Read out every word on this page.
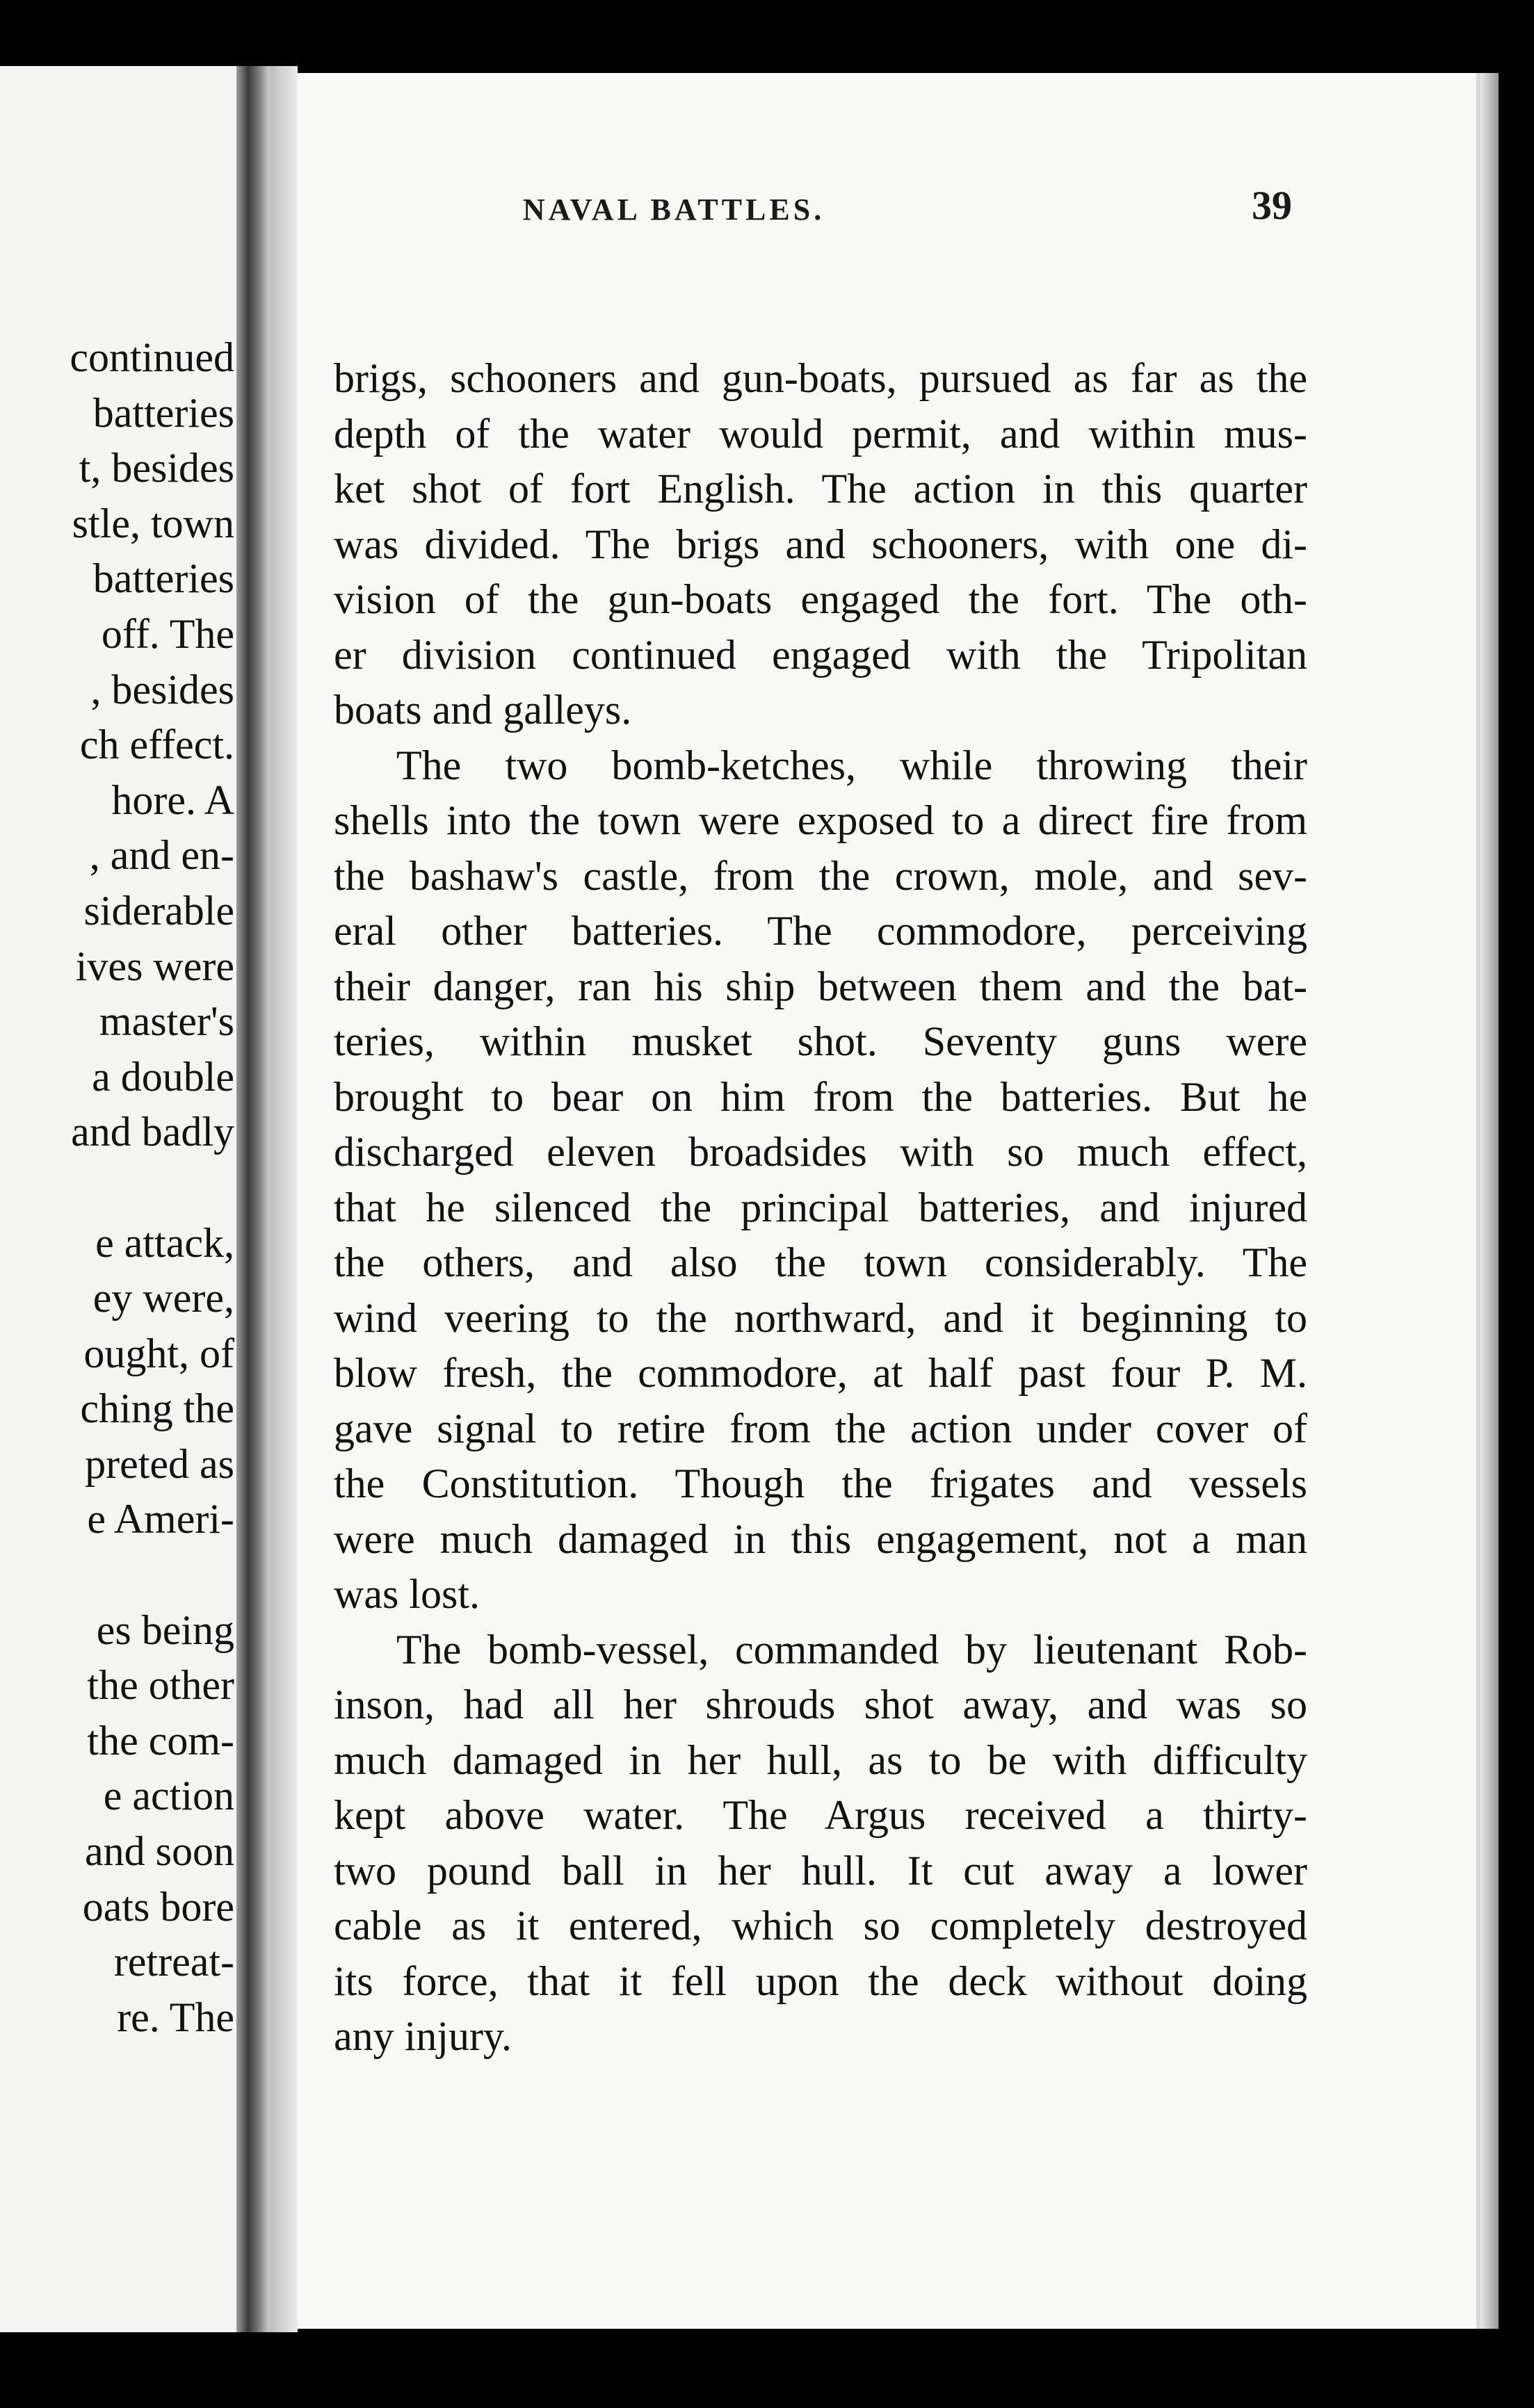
continued
batteries
t, besides
stle, town
batteries
off. The
, besides
ch effect.
hore. A
, and en-
siderable
ives were
master's
a double
and badly
e attack,
ey were,
ought, of
ching the
preted as
e Ameri-
es being
the other
the com-
e action
and soon
oats bore
retreat-
re. The
NAVAL BATTLES.	39
brigs, schooners and gun-boats, pursued as far as the
depth of the water would permit, and within mus-
ket shot of fort English. The action in this quarter
was divided. The brigs and schooners, with one di-
vision of the gun-boats engaged the fort. The oth-
er division continued engaged with the Tripolitan
boats and galleys.
The two bomb-ketches, while throwing their
shells into the town were exposed to a direct fire from
the bashaw's castle, from the crown, mole, and sev-
eral other batteries. The commodore, perceiving
their danger, ran his ship between them and the bat-
teries, within musket shot. Seventy guns were
brought to bear on him from the batteries. But he
discharged eleven broadsides with so much effect,
that he silenced the principal batteries, and injured
the others, and also the town considerably. The
wind veering to the northward, and it beginning to
blow fresh, the commodore, at half past four P. M.
gave signal to retire from the action under cover of
the Constitution. Though the frigates and vessels
were much damaged in this engagement, not a man
was lost.
The bomb-vessel, commanded by lieutenant Rob-
inson, had all her shrouds shot away, and was so
much damaged in her hull, as to be with difficulty
kept above water. The Argus received a thirty-
two pound ball in her hull. It cut away a lower
cable as it entered, which so completely destroyed
its force, that it fell upon the deck without doing
any injury.
